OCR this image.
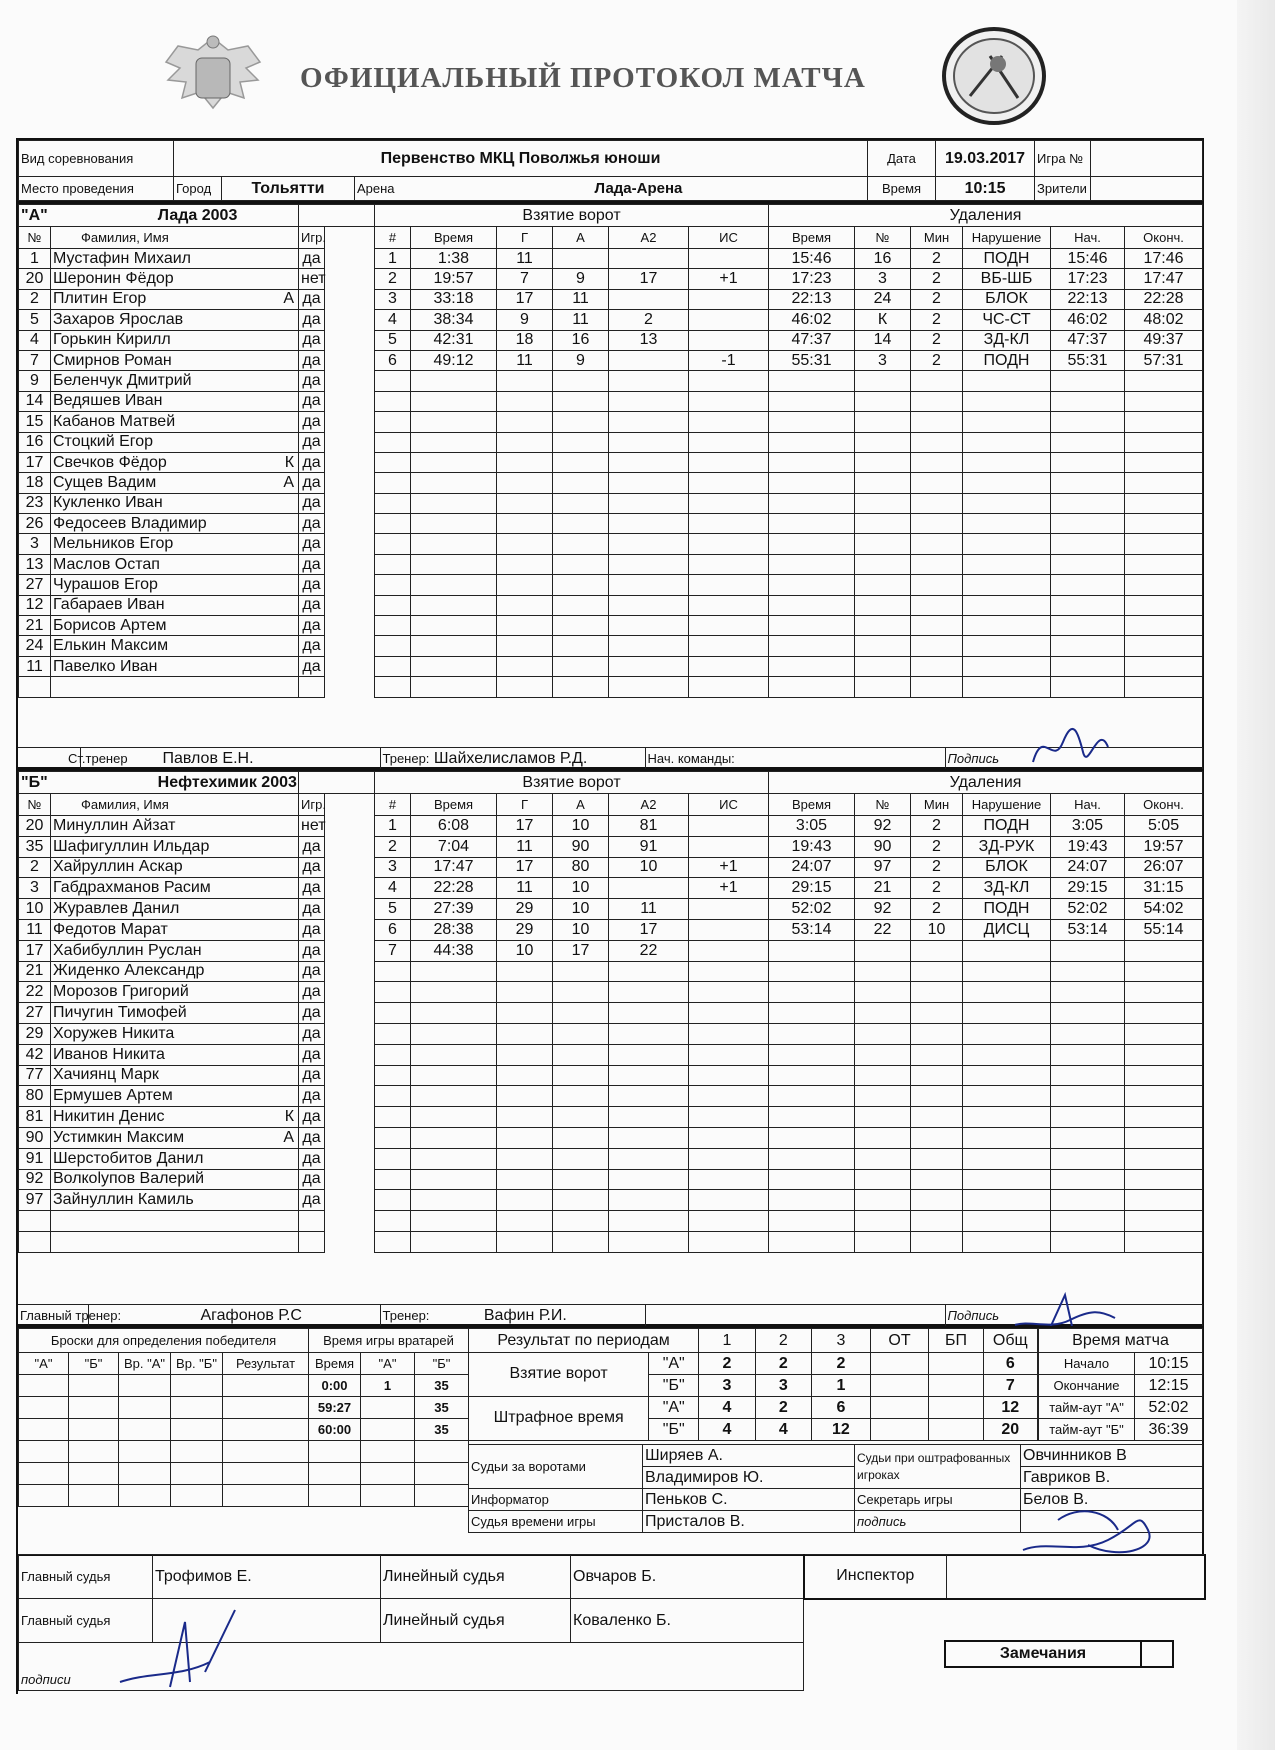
ОФИЦИАЛЬНЫЙ ПРОТОКОЛ МАТЧА
Вид соревнования	Первенство МКЦ Поволжья юноши			Дата	19.03.2017	Игра №	
Место проведения	Город	Тольятти	Арена Лада-Арена	Время	10:15	Зрители	
"А" Лада 2003		
№	Фамилия, Имя		Игр.
1	Мустафин Михаил		да
20	Шеронин Фёдор		нет
2	Плитин Егор А		да
5	Захаров Ярослав		да
4	Горькин Кирилл		да
7	Смирнов Роман		да
9	Беленчук Дмитрий		да
14	Ведяшев Иван		да
15	Кабанов Матвей		да
16	Стоцкий Егор		да
17	Свечков Фёдор К		да
18	Сущев Вадим А		да
23	Кукленко Иван		да
26	Федосеев Владимир		да
3	Мельников Егор		да
13	Маслов Остап		да
27	Чурашов Егор		да
12	Габараев Иван		да
21	Борисов Артем		да
24	Елькин Максим		да
11	Павелко Иван		да

Взятие ворот					
#	Время	Г	А	А2	ИС
1	1:38	11			
2	19:57	7	9	17	+1
3	33:18	17	11		
4	38:34	9	11	2	
5	42:31	18	16	13	
6	49:12	11	9		-1

Удаления					
Время	№	Мин	Нарушение	Нач.	Оконч.
15:46	16	2	ПОДН	15:46	17:46
17:23	3	2	ВБ-ШБ	17:23	17:47
22:13	24	2	БЛОК	22:13	22:28
46:02	К	2	ЧС-СТ	46:02	48:02
47:37	14	2	ЗД-КЛ	47:37	49:37
55:31	3	2	ПОДН	55:31	57:31

Ст.тренер	Павлов Е.Н.	Тренер: Шайхелисламов Р.Д.	Нач. команды:	Подпись
"Б" Нефтехимик 2003		
№	Фамилия, Имя		Игр.
20	Минуллин Айзат		нет
35	Шафигуллин Ильдар		да
2	Хайруллин Аскар		да
3	Габдрахманов Расим		да
10	Журавлев Данил		да
11	Федотов Марат		да
17	Хабибуллин Руслан		да
21	Жиденко Александр		да
22	Морозов Григорий		да
27	Пичугин Тимофей		да
29	Хоружев Никита		да
42	Иванов Никита		да
77	Хачиянц Марк		да
80	Ермушев Артем		да
81	Никитин Денис К		да
90	Устимкин Максим А		да
91	Шерстобитов Данил		да
92	Волкolупов Валерий		да
97	Зайнуллин Камиль		да

Взятие ворот					
#	Время	Г	А	А2	ИС
1	6:08	17	10	81	
2	7:04	11	90	91	
3	17:47	17	80	10	+1
4	22:28	11	10		+1
5	27:39	29	10	11	
6	28:38	29	10	17	
7	44:38	10	17	22	

Удаления					
Время	№	Мин	Нарушение	Нач.	Оконч.
3:05	92	2	ПОДН	3:05	5:05
19:43	90	2	ЗД-РУК	19:43	19:57
24:07	97	2	БЛОК	24:07	26:07
29:15	21	2	ЗД-КЛ	29:15	31:15
52:02	92	2	ПОДН	52:02	54:02
53:14	22	10	ДИСЦ	53:14	55:14

Главный тренер:	Агафонов Р.С	Тренер:	Вафин Р.И.		Подпись
Броски для определения победителя				
"А"	"Б"	Вр. "А"	Вр. "Б"	Результат

Время игры вратарей		
Время	"А"	"Б"
0:00	1	35
59:27		35
60:00		35

Результат по периодам		1	2	3	ОТ	БП	Общ
Взятие ворот	"А"	2	2	2			6
	"Б"	3	3	1			7
Штрафное время	"А"	4	2	6			12
	"Б"	4	4	12			20
Время матча	
Начало	10:15
Окончание	12:15
тайм-аут "А"	52:02
тайм-аут "Б"	36:39
Судьи за воротами	Ширяев А.	Судьи при оштрафованных игроках	Овчинников В
	Владимиров Ю.		Гавриков В.
Информатор	Пеньков С.	Секретарь игры	Белов В.
Судья времени игры	Присталов В.	подпись	
Главный судья	Трофимов Е.	Линейный судья	Овчаров Б.
Главный судья		Линейный судья	Коваленко Б.
подписи			
Инспектор	
Замечания
